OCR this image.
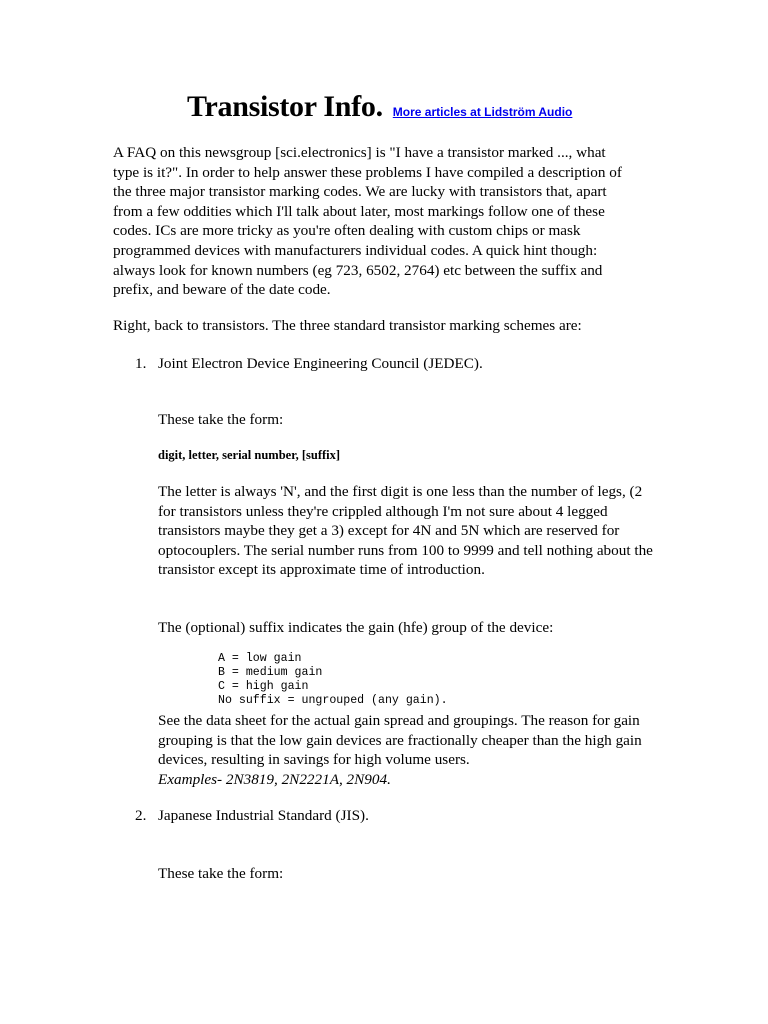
Transistor Info. More articles at Lidström Audio
A FAQ on this newsgroup [sci.electronics] is "I have a transistor marked ..., what type is it?". In order to help answer these problems I have compiled a description of the three major transistor marking codes. We are lucky with transistors that, apart from a few oddities which I'll talk about later, most markings follow one of these codes. ICs are more tricky as you're often dealing with custom chips or mask programmed devices with manufacturers individual codes. A quick hint though: always look for known numbers (eg 723, 6502, 2764) etc between the suffix and prefix, and beware of the date code.
Right, back to transistors. The three standard transistor marking schemes are:
1. Joint Electron Device Engineering Council (JEDEC).
These take the form:
digit, letter, serial number, [suffix]
The letter is always 'N', and the first digit is one less than the number of legs, (2 for transistors unless they're crippled although I'm not sure about 4 legged transistors maybe they get a 3) except for 4N and 5N which are reserved for optocouplers. The serial number runs from 100 to 9999 and tell nothing about the transistor except its approximate time of introduction.
The (optional) suffix indicates the gain (hfe) group of the device:
A = low gain
B = medium gain
C = high gain
No suffix = ungrouped (any gain).
See the data sheet for the actual gain spread and groupings. The reason for gain grouping is that the low gain devices are fractionally cheaper than the high gain devices, resulting in savings for high volume users.
Examples- 2N3819, 2N2221A, 2N904.
2. Japanese Industrial Standard (JIS).
These take the form:
